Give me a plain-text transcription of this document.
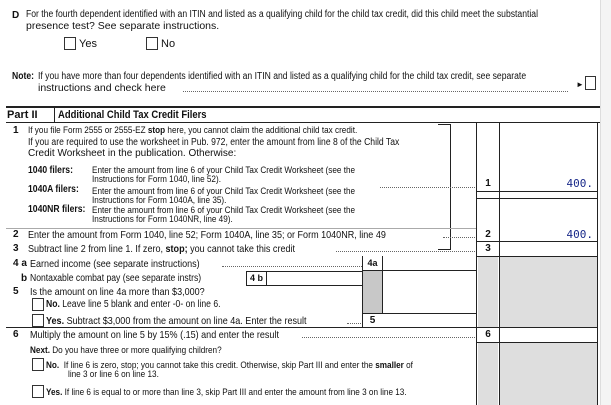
D For the fourth dependent identified with an ITIN and listed as a qualifying child for the child tax credit, did this child meet the substantial
presence test? See separate instructions.
Yes	No
Note: If you have more than four dependents identified with an ITIN and listed as a qualifying child for the child tax credit, see separate
instructions and check here	►
Part II Additional Child Tax Credit Filers
1 If you file Form 2555 or 2555-EZ stop here, you cannot claim the additional child tax credit.
If you are required to use the worksheet in Pub. 972, enter the amount from line 8 of the Child Tax
Credit Worksheet in the publication. Otherwise:
1040 filers: Enter the amount from line 6 of your Child Tax Credit Worksheet (see the
Instructions for Form 1040, line 52).
1040A filers: Enter the amount from line 6 of your Child Tax Credit Worksheet (see the
Instructions for Form 1040A, line 35).
1040NR filers: Enter the amount from line 6 of your Child Tax Credit Worksheet (see the
Instructions for Form 1040NR, line 49).
1	400.
2 Enter the amount from Form 1040, line 52; Form 1040A, line 35; or Form 1040NR, line 49	2	400.
3 Subtract line 2 from line 1. If zero, stop; you cannot take this credit	3
4 a Earned income (see separate instructions)	4a
b Nontaxable combat pay (see separate instrs)	4 b
5 Is the amount on line 4a more than $3,000?
No. Leave line 5 blank and enter -0- on line 6.
Yes. Subtract $3,000 from the amount on line 4a. Enter the result	5
6 Multiply the amount on line 5 by 15% (.15) and enter the result	6
Next. Do you have three or more qualifying children?
No. If line 6 is zero, stop; you cannot take this credit. Otherwise, skip Part III and enter the smaller of
line 3 or line 6 on line 13.
Yes. If line 6 is equal to or more than line 3, skip Part III and enter the amount from line 3 on line 13.
